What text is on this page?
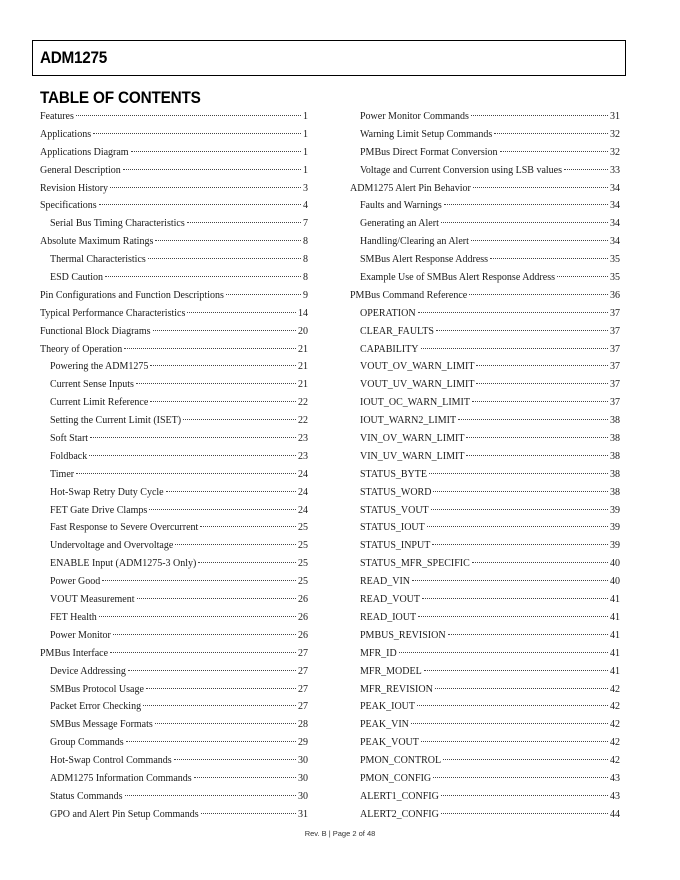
ADM1275
TABLE OF CONTENTS
Features	1
Applications	1
Applications Diagram	1
General Description	1
Revision History	3
Specifications	4
Serial Bus Timing Characteristics	7
Absolute Maximum Ratings	8
Thermal Characteristics	8
ESD Caution	8
Pin Configurations and Function Descriptions	9
Typical Performance Characteristics	14
Functional Block Diagrams	20
Theory of Operation	21
Powering the ADM1275	21
Current Sense Inputs	21
Current Limit Reference	22
Setting the Current Limit (ISET)	22
Soft Start	23
Foldback	23
Timer	24
Hot-Swap Retry Duty Cycle	24
FET Gate Drive Clamps	24
Fast Response to Severe Overcurrent	25
Undervoltage and Overvoltage	25
ENABLE Input (ADM1275-3 Only)	25
Power Good	25
VOUT Measurement	26
FET Health	26
Power Monitor	26
PMBus Interface	27
Device Addressing	27
SMBus Protocol Usage	27
Packet Error Checking	27
SMBus Message Formats	28
Group Commands	29
Hot-Swap Control Commands	30
ADM1275 Information Commands	30
Status Commands	30
GPO and Alert Pin Setup Commands	31
Power Monitor Commands	31
Warning Limit Setup Commands	32
PMBus Direct Format Conversion	32
Voltage and Current Conversion using LSB values	33
ADM1275 Alert Pin Behavior	34
Faults and Warnings	34
Generating an Alert	34
Handling/Clearing an Alert	34
SMBus Alert Response Address	35
Example Use of SMBus Alert Response Address	35
PMBus Command Reference	36
OPERATION	37
CLEAR_FAULTS	37
CAPABILITY	37
VOUT_OV_WARN_LIMIT	37
VOUT_UV_WARN_LIMIT	37
IOUT_OC_WARN_LIMIT	37
IOUT_WARN2_LIMIT	38
VIN_OV_WARN_LIMIT	38
VIN_UV_WARN_LIMIT	38
STATUS_BYTE	38
STATUS_WORD	38
STATUS_VOUT	39
STATUS_IOUT	39
STATUS_INPUT	39
STATUS_MFR_SPECIFIC	40
READ_VIN	40
READ_VOUT	41
READ_IOUT	41
PMBUS_REVISION	41
MFR_ID	41
MFR_MODEL	41
MFR_REVISION	42
PEAK_IOUT	42
PEAK_VIN	42
PEAK_VOUT	42
PMON_CONTROL	42
PMON_CONFIG	43
ALERT1_CONFIG	43
ALERT2_CONFIG	44
Rev. B | Page 2 of 48
